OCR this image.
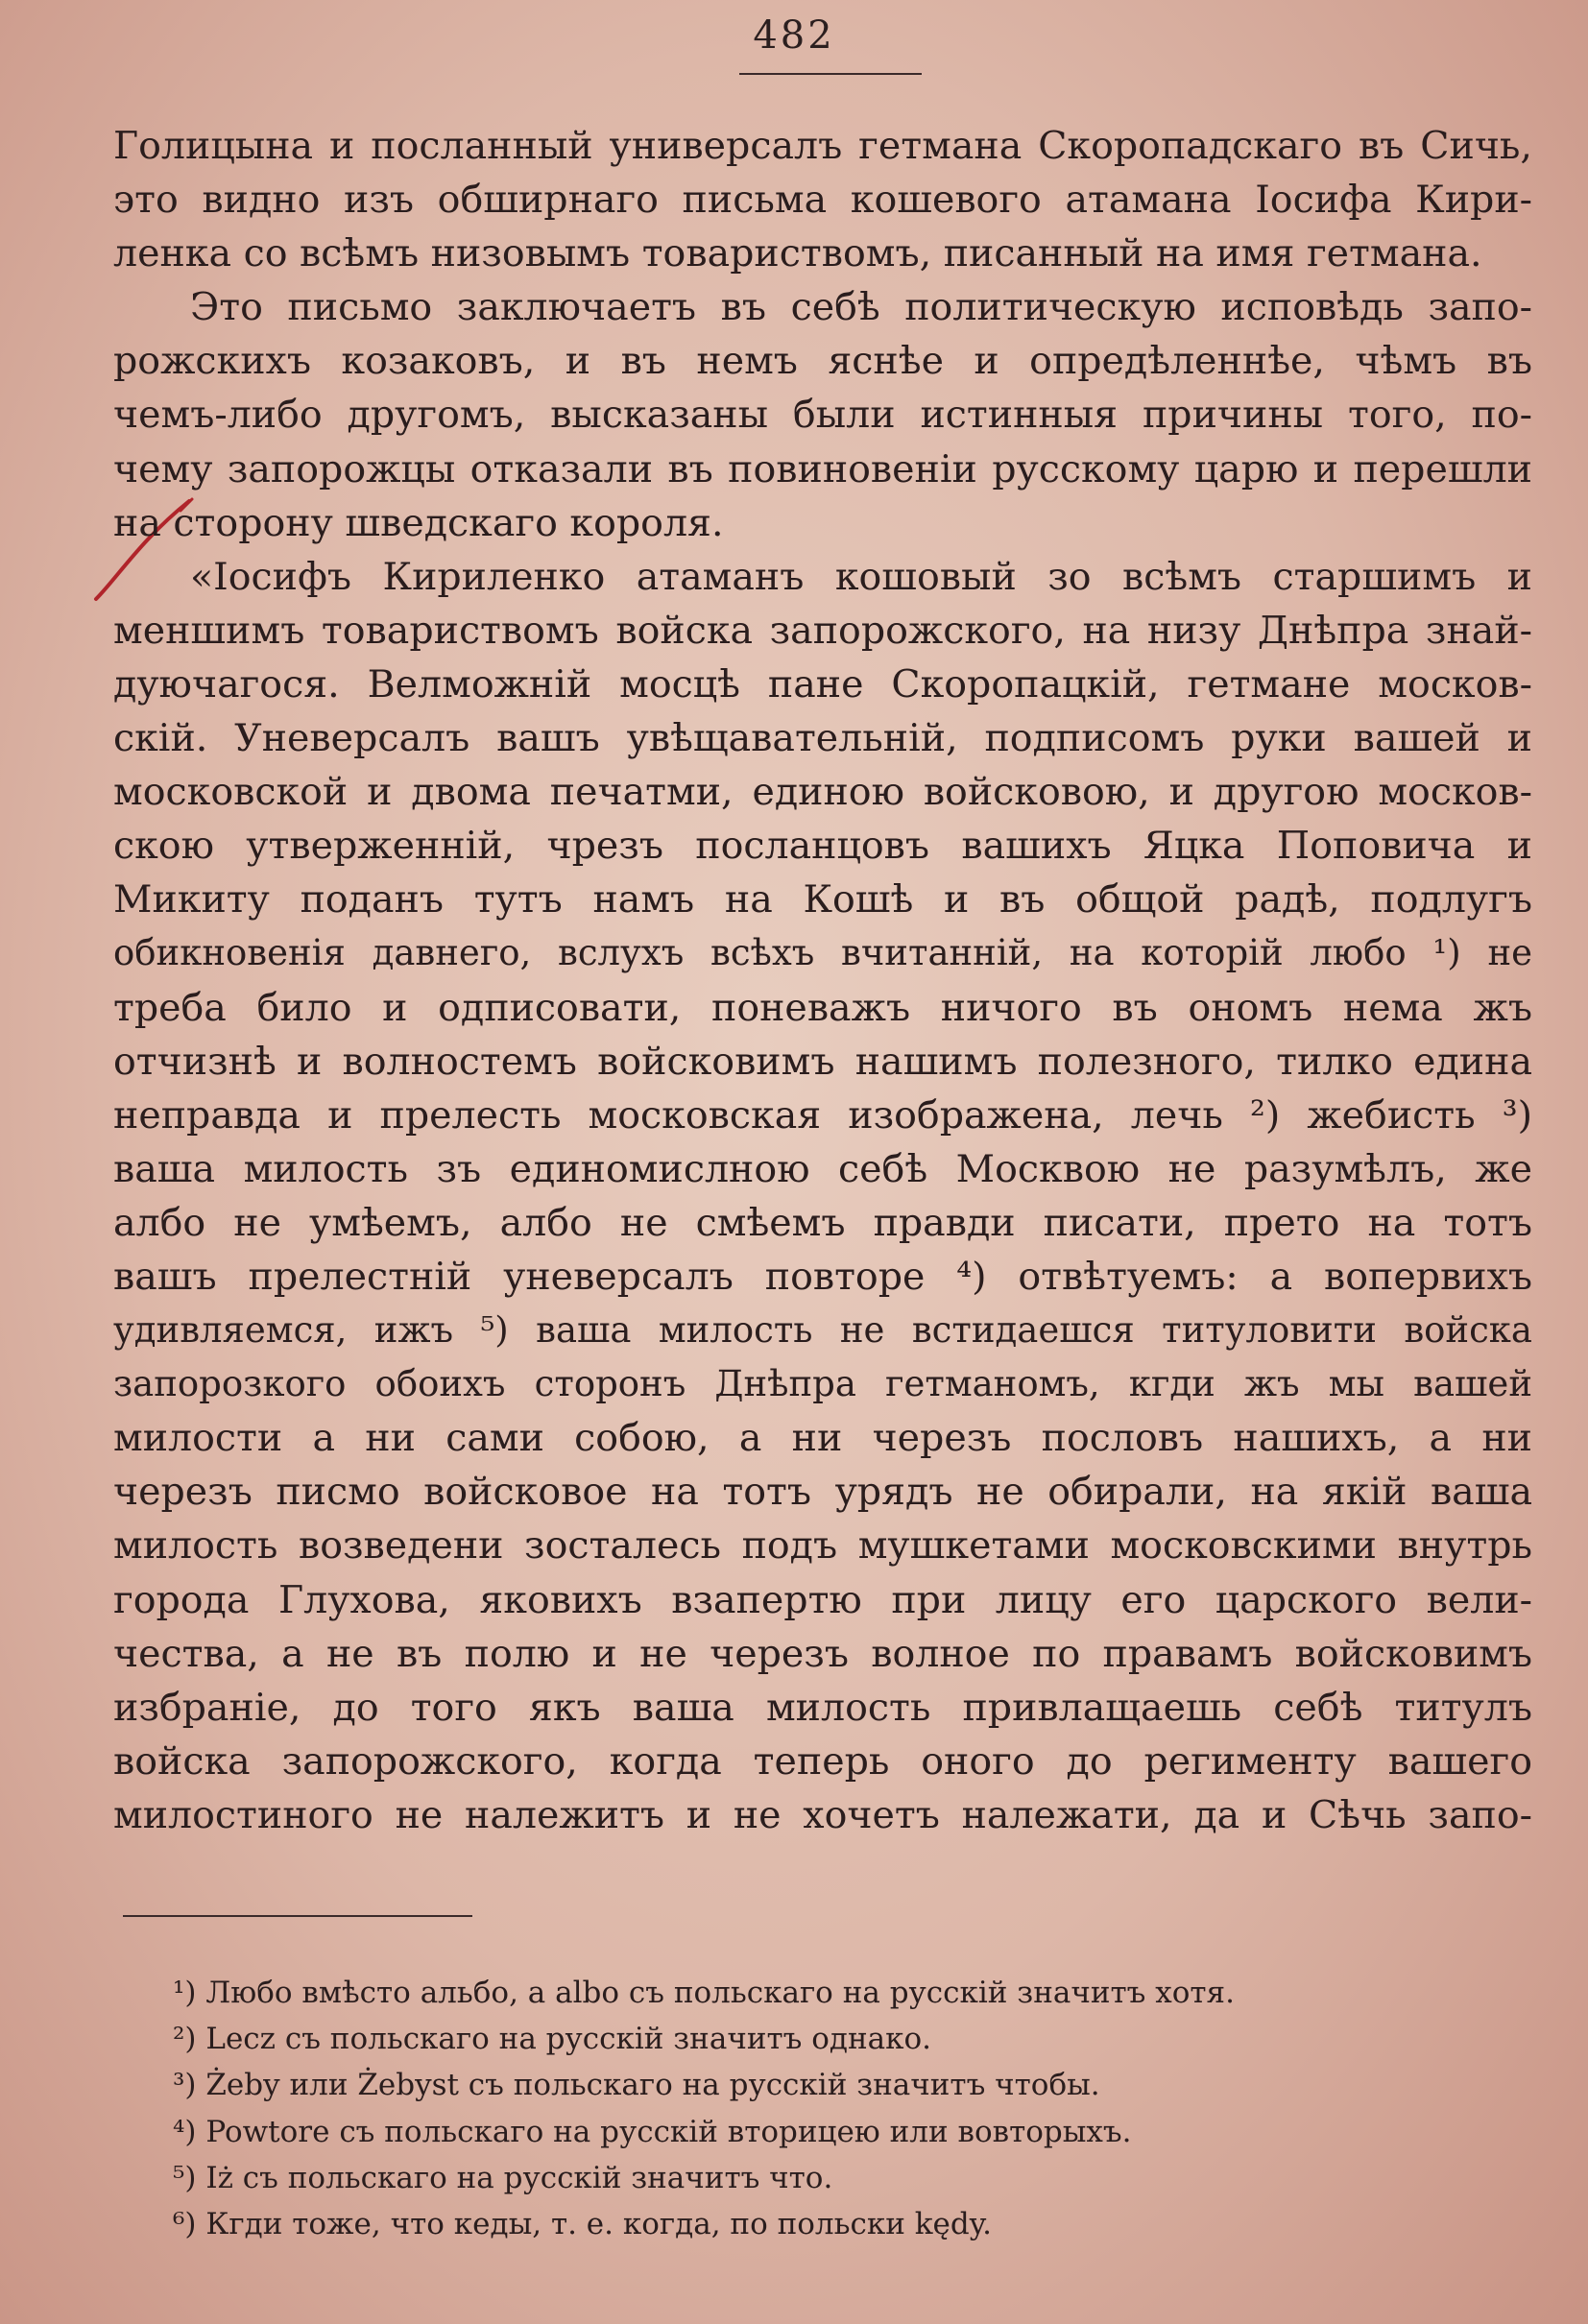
482
Голицына и посланный универсалъ гетмана Скоропадскаго въ Сичь,
это видно изъ обширнаго письма кошевого атамана Іосифа Кири-
ленка со всѣмъ низовымъ товариствомъ, писанный на имя гетмана.
Это письмо заключаетъ въ себѣ политическую исповѣдь запо-
рожскихъ козаковъ, и въ немъ яснѣе и опредѣленнѣе, чѣмъ въ
чемъ-либо другомъ, высказаны были истинныя причины того, по-
чему запорожцы отказали въ повиновеніи русскому царю и перешли
на сторону шведскаго короля.
«Іосифъ Кириленко атаманъ кошовый зо всѣмъ старшимъ и
меншимъ товариствомъ войска запорожского, на низу Днѣпра знай-
дуючагося. Велможній мосцѣ пане Скоропацкій, гетмане москов-
скій. Уневерсалъ вашъ увѣщавательній, подписомъ руки вашей и
московской и двома печатми, единою войсковою, и другою москов-
скою утверженній, чрезъ посланцовъ вашихъ Яцка Поповича и
Микиту поданъ тутъ намъ на Кошѣ и въ общой радѣ, подлугъ
обикновенія давнего, вслухъ всѣхъ вчитанній, на которій любо ¹) не
треба било и одписовати, поневажъ ничого въ ономъ нема жъ
отчизнѣ и волностемъ войсковимъ нашимъ полезного, тилко едина
неправда и прелесть московская изображена, лечь ²) жебисть ³)
ваша милость зъ единомислною себѣ Москвою не разумѣлъ, же
албо не умѣемъ, албо не смѣемъ правди писати, прето на тотъ
вашъ прелестній уневерсалъ повторе ⁴) отвѣтуемъ: а вопервихъ
удивляемся, ижъ ⁵) ваша милость не встидаешся титуловити войска
запорозкого обоихъ сторонъ Днѣпра гетманомъ, кгди жъ мы вашей
милости а ни сами собою, а ни черезъ пословъ нашихъ, а ни
черезъ писмо войсковое на тотъ урядъ не обирали, на якій ваша
милость возведени зосталесь подъ мушкетами московскими внутрь
города Глухова, яковихъ взапертю при лицу его царского вели-
чества, а не въ полю и не черезъ волное по правамъ войсковимъ
избраніе, до того якъ ваша милость привлащаешь себѣ титулъ
войска запорожского, когда теперь оного до регименту вашего
милостиного не належитъ и не хочетъ належати, да и Сѣчь запо-
¹) Любо вмѣсто альбо, а albo съ польскаго на русскій значитъ хотя.
²) Lecz съ польскаго на русскій значитъ однако.
³) Żeby или Żebyst съ польскаго на русскій значитъ чтобы.
⁴) Powtore съ польскаго на русскій вторицею или вовторыхъ.
⁵) Iż съ польскаго на русскій значитъ что.
⁶) Кгди тоже, что кеды, т. е. когда, по польски kędy.
